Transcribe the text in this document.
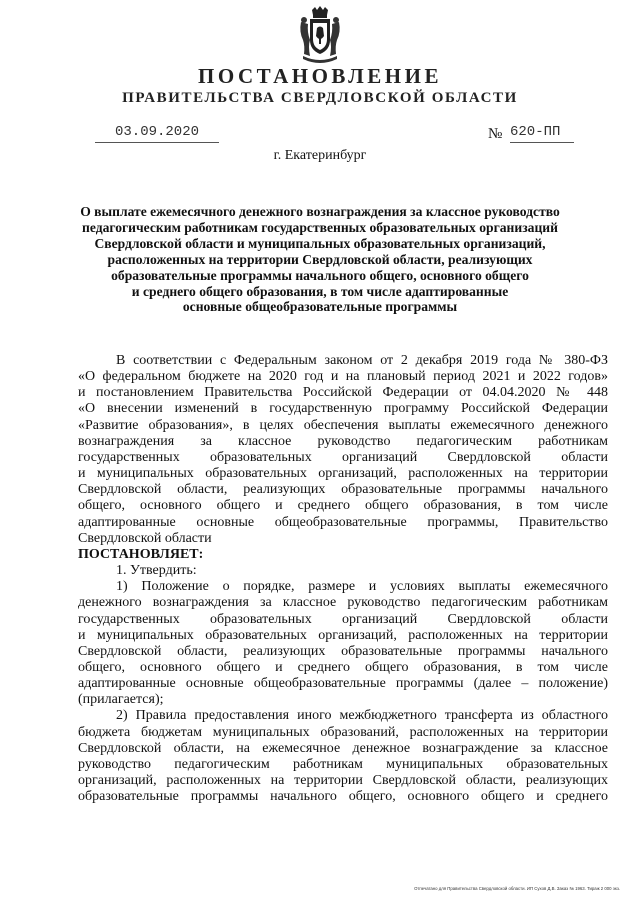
ПОСТАНОВЛЕНИЕ
ПРАВИТЕЛЬСТВА СВЕРДЛОВСКОЙ ОБЛАСТИ
03.09.2020	№ 620-ПП
г. Екатеринбург
О выплате ежемесячного денежного вознаграждения за классное руководство
педагогическим работникам государственных образовательных организаций
Свердловской области и муниципальных образовательных организаций,
расположенных на территории Свердловской области, реализующих
образовательные программы начального общего, основного общего
и среднего общего образования, в том числе адаптированные
основные общеобразовательные программы
В соответствии с Федеральным законом от 2 декабря 2019 года № 380-ФЗ
«О федеральном бюджете на 2020 год и на плановый период 2021 и 2022 годов»
и постановлением Правительства Российской Федерации от 04.04.2020 № 448
«О внесении изменений в государственную программу Российской Федерации
«Развитие образования», в целях обеспечения выплаты ежемесячного денежного
вознаграждения за классное руководство педагогическим работникам
государственных образовательных организаций Свердловской области
и муниципальных образовательных организаций, расположенных на территории
Свердловской области, реализующих образовательные программы начального
общего, основного общего и среднего общего образования, в том числе
адаптированные основные общеобразовательные программы, Правительство
Свердловской области
ПОСТАНОВЛЯЕТ:
1. Утвердить:
1) Положение о порядке, размере и условиях выплаты ежемесячного
денежного вознаграждения за классное руководство педагогическим работникам
государственных образовательных организаций Свердловской области
и муниципальных образовательных организаций, расположенных на территории
Свердловской области, реализующих образовательные программы начального
общего, основного общего и среднего общего образования, в том числе
адаптированные основные общеобразовательные программы (далее – положение)
(прилагается);
2) Правила предоставления иного межбюджетного трансферта из областного
бюджета бюджетам муниципальных образований, расположенных на территории
Свердловской области, на ежемесячное денежное вознаграждение за классное
руководство педагогическим работникам муниципальных образовательных
организаций, расположенных на территории Свердловской области, реализующих
образовательные программы начального общего, основного общего и среднего
Отпечатано для Правительства Свердловской области. ИП Сухов Д.В. Заказ № 1963. Тираж 2 000 экз.
